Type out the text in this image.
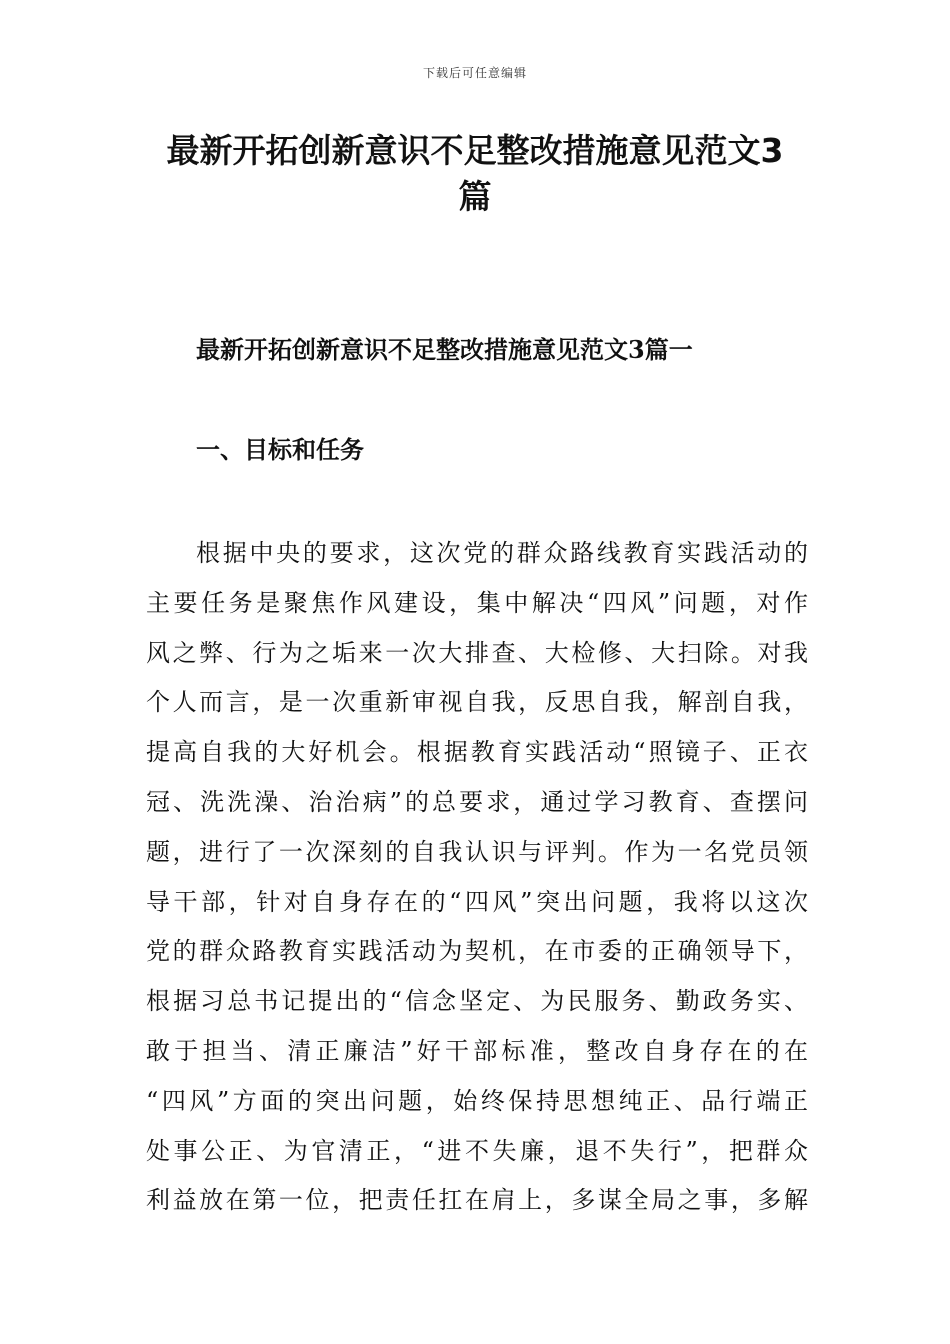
下载后可任意编辑
最新开拓创新意识不足整改措施意见范文3
篇
最新开拓创新意识不足整改措施意见范文3篇一
一、目标和任务
根据中央的要求，这次党的群众路线教育实践活动的
主要任务是聚焦作风建设，集中解决“四风”问题，对作
风之弊、行为之垢来一次大排查、大检修、大扫除。对我
个人而言，是一次重新审视自我，反思自我，解剖自我，
提高自我的大好机会。根据教育实践活动“照镜子、正衣
冠、洗洗澡、治治病”的总要求，通过学习教育、查摆问
题，进行了一次深刻的自我认识与评判。作为一名党员领
导干部，针对自身存在的“四风”突出问题，我将以这次
党的群众路教育实践活动为契机，在市委的正确领导下，
根据习总书记提出的“信念坚定、为民服务、勤政务实、
敢于担当、清正廉洁”好干部标准，整改自身存在的在
“四风”方面的突出问题，始终保持思想纯正、品行端正
处事公正、为官清正，“进不失廉，退不失行”，把群众
利益放在第一位，把责任扛在肩上，多谋全局之事，多解
